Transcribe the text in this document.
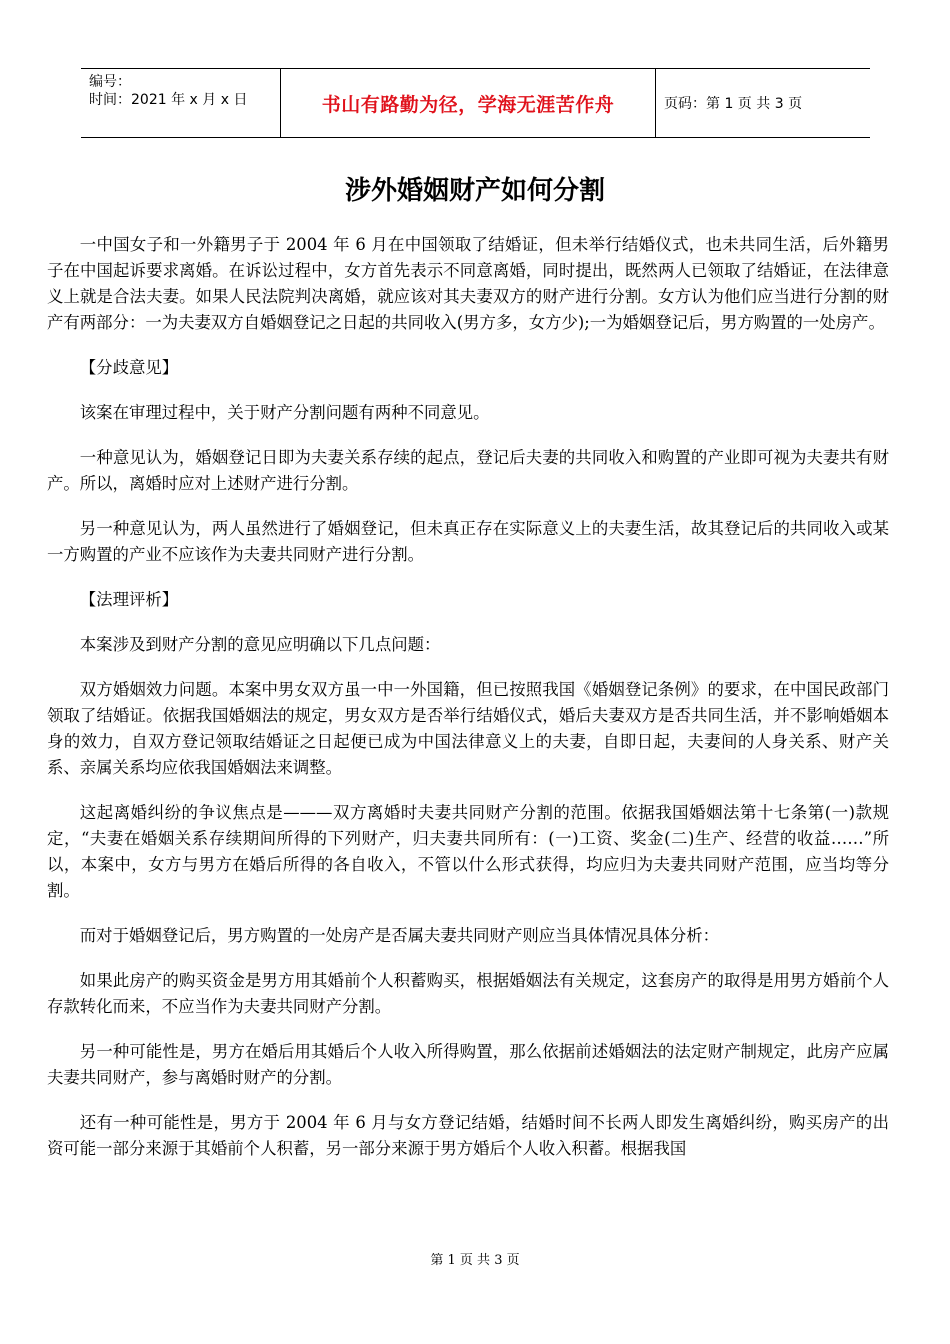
编号：
时间：2021 年 x 月 x 日	书山有路勤为径，学海无涯苦作舟	页码：第 1 页 共 3 页
涉外婚姻财产如何分割

一中国女子和一外籍男子于 2004 年 6 月在中国领取了结婚证，但未举行结婚仪式，也未共同生活，后外籍男子在中国起诉要求离婚。在诉讼过程中，女方首先表示不同意离婚，同时提出，既然两人已领取了结婚证，在法律意义上就是合法夫妻。如果人民法院判决离婚，就应该对其夫妻双方的财产进行分割。女方认为他们应当进行分割的财产有两部分：一为夫妻双方自婚姻登记之日起的共同收入(男方多，女方少);一为婚姻登记后，男方购置的一处房产。

【分歧意见】

该案在审理过程中，关于财产分割问题有两种不同意见。

一种意见认为，婚姻登记日即为夫妻关系存续的起点，登记后夫妻的共同收入和购置的产业即可视为夫妻共有财产。所以，离婚时应对上述财产进行分割。

另一种意见认为，两人虽然进行了婚姻登记，但未真正存在实际意义上的夫妻生活，故其登记后的共同收入或某一方购置的产业不应该作为夫妻共同财产进行分割。

【法理评析】

本案涉及到财产分割的意见应明确以下几点问题：

双方婚姻效力问题。本案中男女双方虽一中一外国籍，但已按照我国《婚姻登记条例》的要求，在中国民政部门领取了结婚证。依据我国婚姻法的规定，男女双方是否举行结婚仪式，婚后夫妻双方是否共同生活，并不影响婚姻本身的效力，自双方登记领取结婚证之日起便已成为中国法律意义上的夫妻，自即日起，夫妻间的人身关系、财产关系、亲属关系均应依我国婚姻法来调整。

这起离婚纠纷的争议焦点是———双方离婚时夫妻共同财产分割的范围。依据我国婚姻法第十七条第(一)款规定，“夫妻在婚姻关系存续期间所得的下列财产，归夫妻共同所有：(一)工资、奖金(二)生产、经营的收益……”所以，本案中，女方与男方在婚后所得的各自收入，不管以什么形式获得，均应归为夫妻共同财产范围，应当均等分割。

而对于婚姻登记后，男方购置的一处房产是否属夫妻共同财产则应当具体情况具体分析：

如果此房产的购买资金是男方用其婚前个人积蓄购买，根据婚姻法有关规定，这套房产的取得是用男方婚前个人存款转化而来，不应当作为夫妻共同财产分割。

另一种可能性是，男方在婚后用其婚后个人收入所得购置，那么依据前述婚姻法的法定财产制规定，此房产应属夫妻共同财产，参与离婚时财产的分割。

还有一种可能性是，男方于 2004 年 6 月与女方登记结婚，结婚时间不长两人即发生离婚纠纷，购买房产的出资可能一部分来源于其婚前个人积蓄，另一部分来源于男方婚后个人收入积蓄。根据我国

第 1 页 共 3 页
